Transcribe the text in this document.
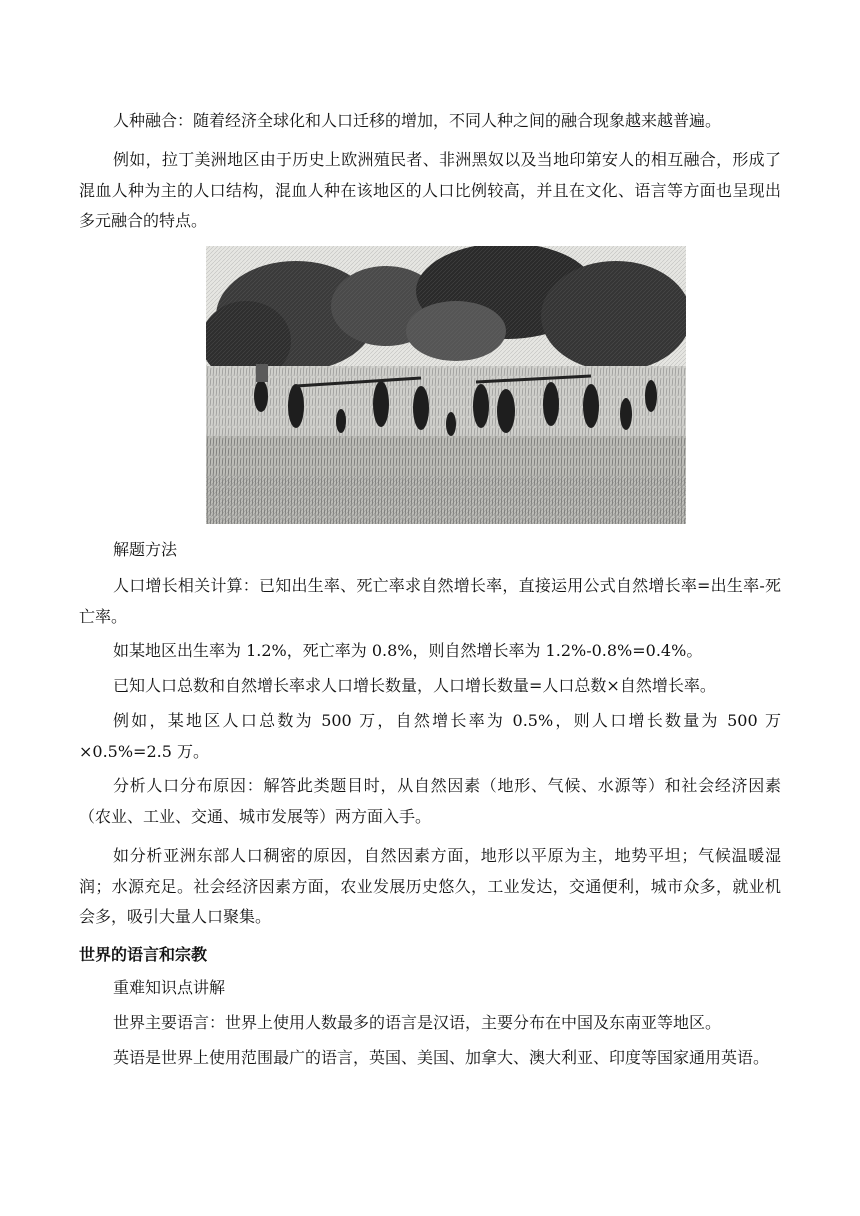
人种融合：随着经济全球化和人口迁移的增加，不同人种之间的融合现象越来越普遍。

例如，拉丁美洲地区由于历史上欧洲殖民者、非洲黑奴以及当地印第安人的相互融合，形成了混血人种为主的人口结构，混血人种在该地区的人口比例较高，并且在文化、语言等方面也呈现出多元融合的特点。

解题方法

人口增长相关计算：已知出生率、死亡率求自然增长率，直接运用公式自然增长率=出生率-死亡率。

如某地区出生率为 1.2%，死亡率为 0.8%，则自然增长率为 1.2%-0.8%=0.4%。

已知人口总数和自然增长率求人口增长数量，人口增长数量=人口总数×自然增长率。

例如，某地区人口总数为 500 万，自然增长率为 0.5%，则人口增长数量为 500 万×0.5%=2.5 万。

分析人口分布原因：解答此类题目时，从自然因素（地形、气候、水源等）和社会经济因素（农业、工业、交通、城市发展等）两方面入手。

如分析亚洲东部人口稠密的原因，自然因素方面，地形以平原为主，地势平坦；气候温暖湿润；水源充足。社会经济因素方面，农业发展历史悠久，工业发达，交通便利，城市众多，就业机会多，吸引大量人口聚集。

世界的语言和宗教

重难知识点讲解

世界主要语言：世界上使用人数最多的语言是汉语，主要分布在中国及东南亚等地区。

英语是世界上使用范围最广的语言，英国、美国、加拿大、澳大利亚、印度等国家通用英语。
